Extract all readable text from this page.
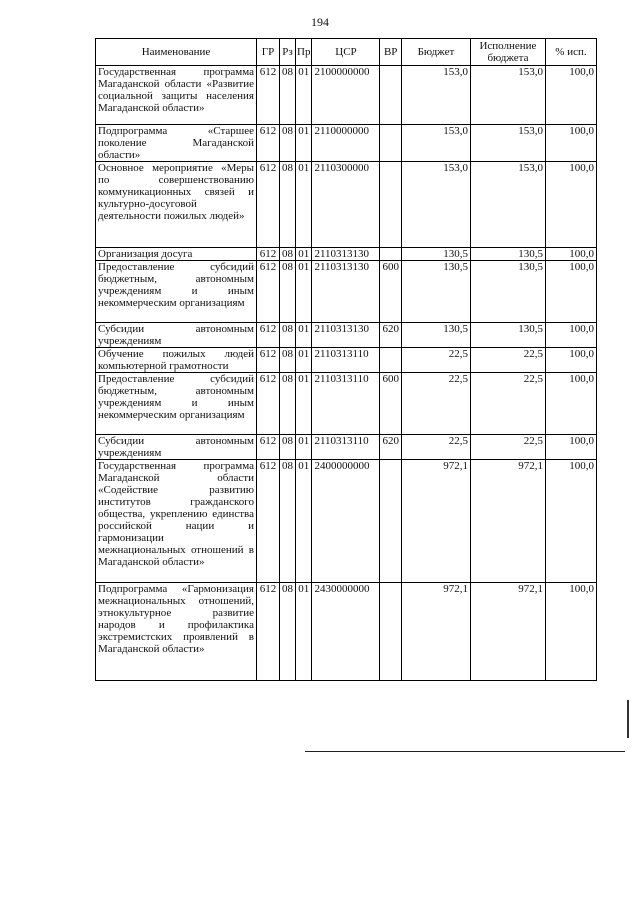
194
Наименование	ГР	Рз	Пр	ЦСР	ВР	Бюджет	Исполнение бюджета	% исп.
Государственная программа Магаданской области «Развитие социальной защиты населения Магаданской области»	612	08	01	2100000000		153,0	153,0	100,0
Подпрограмма «Старшее поколение Магаданской области»	612	08	01	2110000000		153,0	153,0	100,0
Основное мероприятие «Меры по совершенствованию коммуникационных связей и культурно-досуговой деятельности пожилых людей»	612	08	01	2110300000		153,0	153,0	100,0
Организация досуга	612	08	01	2110313130		130,5	130,5	100,0
Предоставление субсидий бюджетным, автономным учреждениям и иным некоммерческим организациям	612	08	01	2110313130	600	130,5	130,5	100,0
Субсидии автономным учреждениям	612	08	01	2110313130	620	130,5	130,5	100,0
Обучение пожилых людей компьютерной грамотности	612	08	01	2110313110		22,5	22,5	100,0
Предоставление субсидий бюджетным, автономным учреждениям и иным некоммерческим организациям	612	08	01	2110313110	600	22,5	22,5	100,0
Субсидии автономным учреждениям	612	08	01	2110313110	620	22,5	22,5	100,0
Государственная программа Магаданской области «Содействие развитию институтов гражданского общества, укреплению единства российской нации и гармонизации межнациональных отношений в Магаданской области»	612	08	01	2400000000		972,1	972,1	100,0
Подпрограмма «Гармонизация межнациональных отношений, этнокультурное развитие народов и профилактика экстремистских проявлений в Магаданской области»	612	08	01	2430000000		972,1	972,1	100,0
